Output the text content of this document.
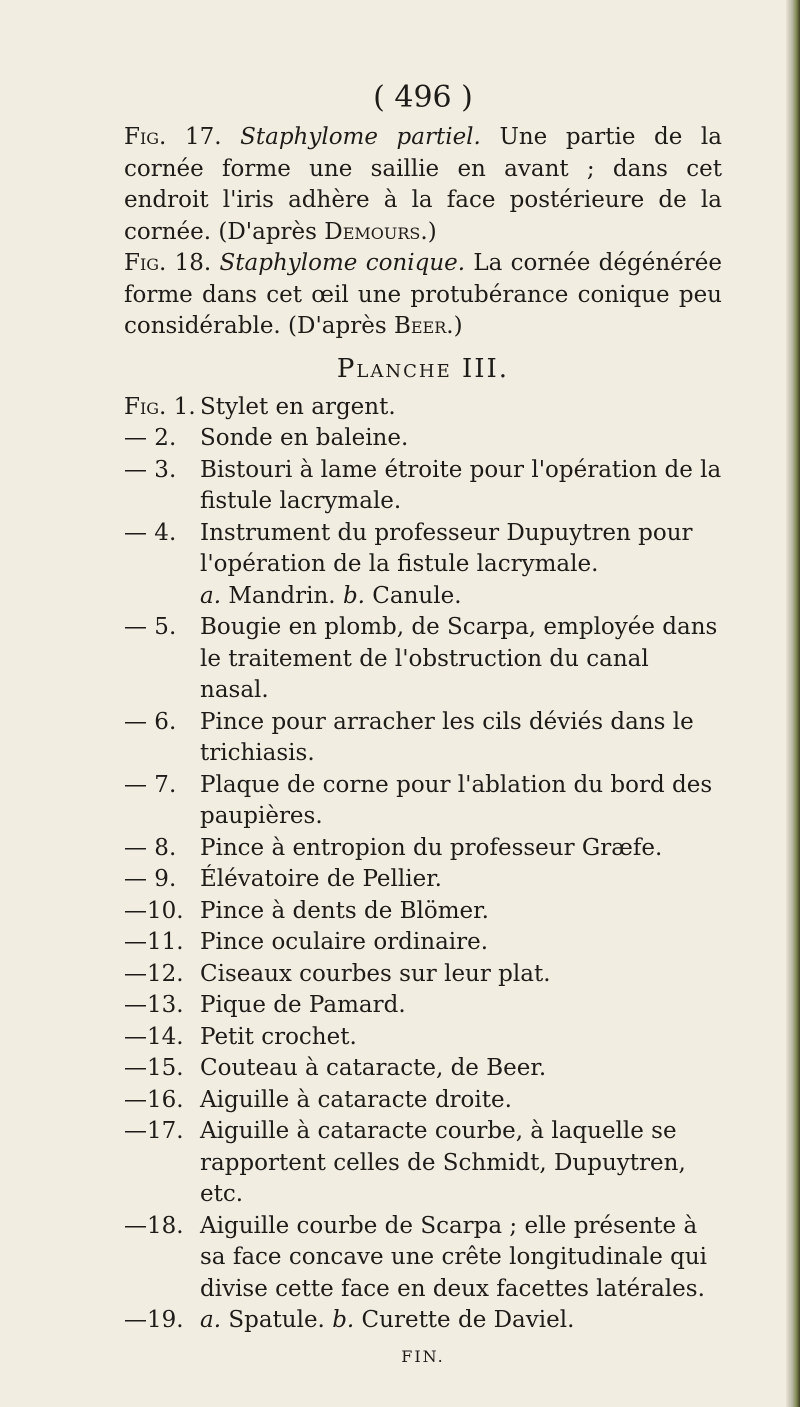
( 496 )

Fig. 17. Staphylome partiel. Une partie de la cornée forme une saillie en avant ; dans cet endroit l'iris adhère à la face postérieure de la cornée. (D'après Demours.)

Fig. 18. Staphylome conique. La cornée dégénérée forme dans cet œil une protubérance conique peu considérable. (D'après Beer.)

Planche III.
Fig. 1. Stylet en argent.
— 2.	Sonde en baleine.
— 3.	Bistouri à lame étroite pour l'opération de la fistule lacrymale.
— 4.	Instrument du professeur Dupuytren pour l'opération de la fistule lacrymale.
a. Mandrin. b. Canule.
— 5.	Bougie en plomb, de Scarpa, employée dans le traitement de l'obstruction du canal nasal.
— 6.	Pince pour arracher les cils déviés dans le trichiasis.
— 7.	Plaque de corne pour l'ablation du bord des paupières.
— 8.	Pince à entropion du professeur Græfe.
— 9.	Élévatoire de Pellier.
—10. Pince à dents de Blömer.
—11. Pince oculaire ordinaire.
—12. Ciseaux courbes sur leur plat.
—13. Pique de Pamard.
—14. Petit crochet.
—15. Couteau à cataracte, de Beer.
—16. Aiguille à cataracte droite.
—17. Aiguille à cataracte courbe, à laquelle se rapportent celles de Schmidt, Dupuytren, etc.
—18. Aiguille courbe de Scarpa ; elle présente à sa face concave une crête longitudinale qui divise cette face en deux facettes latérales.
—19. a. Spatule. b. Curette de Daviel.
FIN.
